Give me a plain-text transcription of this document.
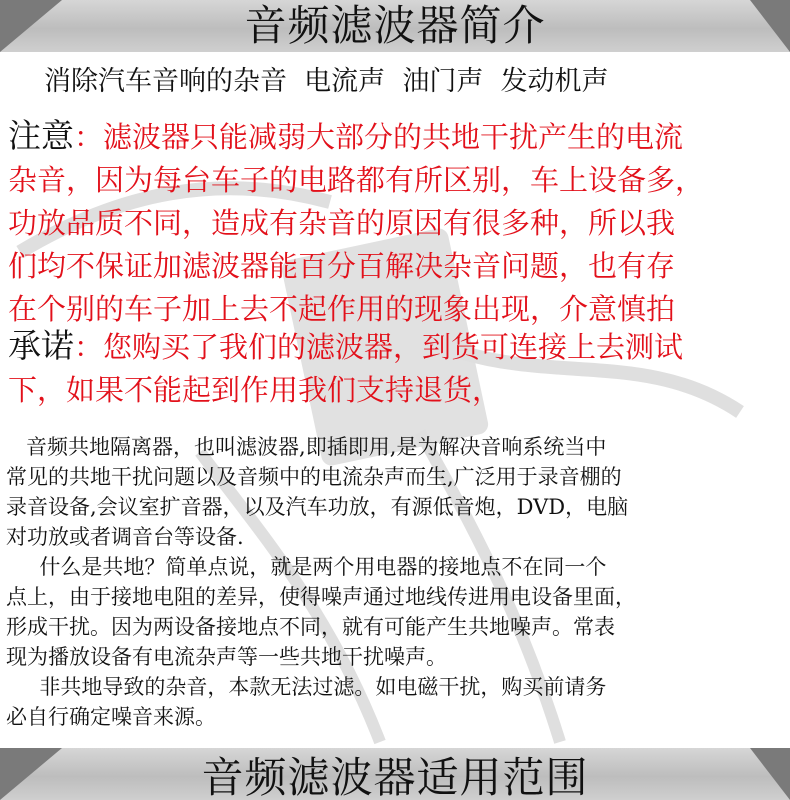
音频滤波器简介
消除汽车音响的杂音  电流声  油门声  发动机声
注意：滤波器只能减弱大部分的共地干扰产生的电流
杂音，因为每台车子的电路都有所区别，车上设备多，
功放品质不同，造成有杂音的原因有很多种，所以我
们均不保证加滤波器能百分百解决杂音问题，也有存
在个别的车子加上去不起作用的现象出现，介意慎拍
承诺：您购买了我们的滤波器，到货可连接上去测试
下，如果不能起到作用我们支持退货，
音频共地隔离器，也叫滤波器,即插即用,是为解决音响系统当中
常见的共地干扰问题以及音频中的电流杂声而生,广泛用于录音棚的
录音设备,会议室扩音器，以及汽车功放，有源低音炮，DVD，电脑
对功放或者调音台等设备.
什么是共地？简单点说，就是两个用电器的接地点不在同一个
点上，由于接地电阻的差异，使得噪声通过地线传进用电设备里面，
形成干扰。因为两设备接地点不同，就有可能产生共地噪声。常表
现为播放设备有电流杂声等一些共地干扰噪声。
非共地导致的杂音，本款无法过滤。如电磁干扰，购买前请务
必自行确定噪音来源。
音频滤波器适用范围
